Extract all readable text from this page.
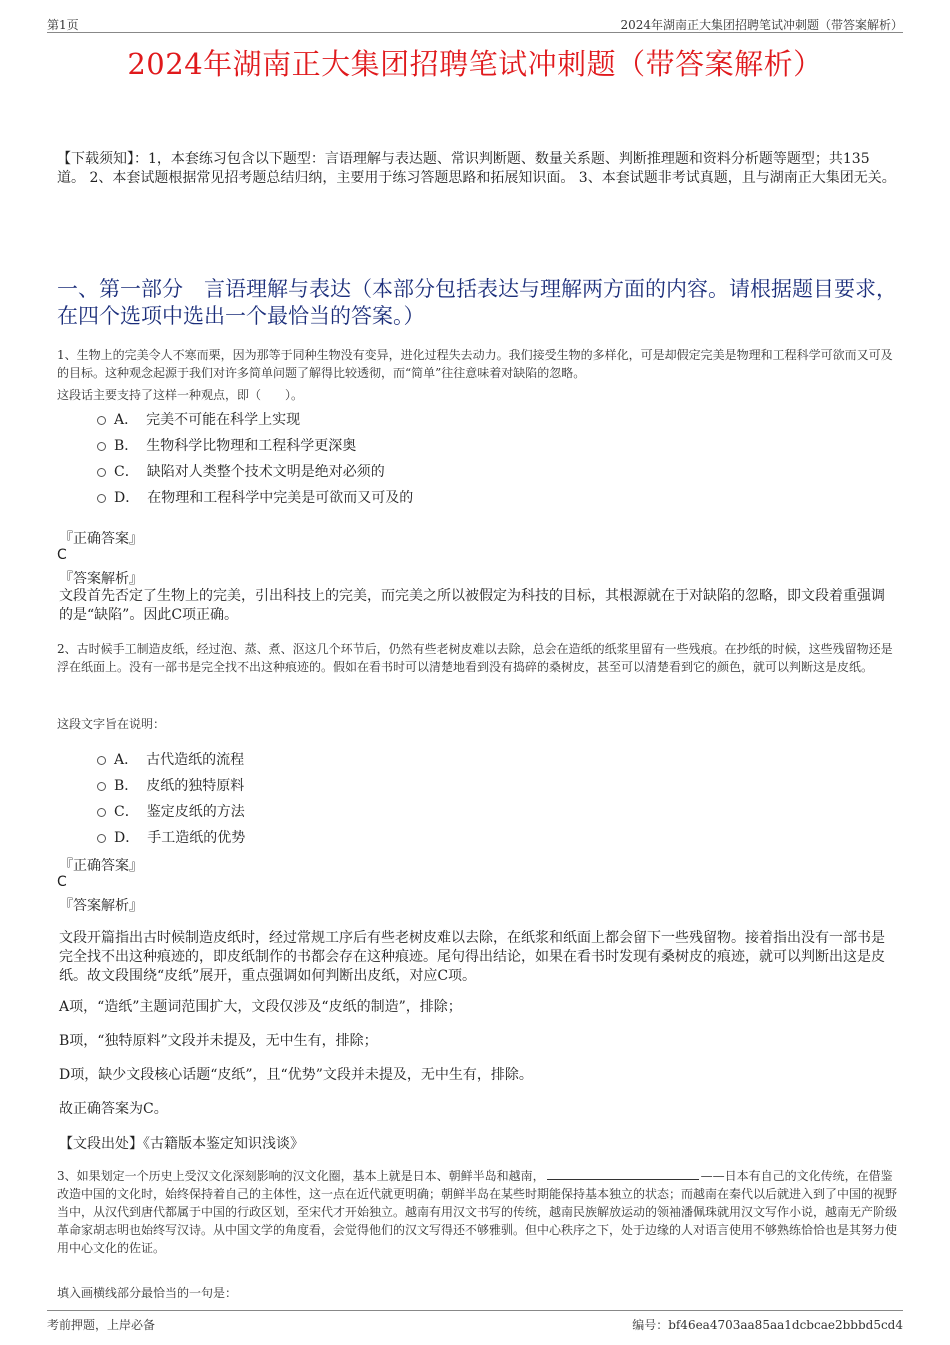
第1页	2024年湖南正大集团招聘笔试冲刺题（带答案解析）
2024年湖南正大集团招聘笔试冲刺题（带答案解析）
【下载须知】：1，本套练习包含以下题型：言语理解与表达题、常识判断题、数量关系题、判断推理题和资料分析题等题型；共135道。 2、本套试题根据常见招考题总结归纳，主要用于练习答题思路和拓展知识面。 3、本套试题非考试真题，且与湖南正大集团无关。
一、第一部分　言语理解与表达（本部分包括表达与理解两方面的内容。请根据题目要求，在四个选项中选出一个最恰当的答案。）
1、生物上的完美令人不寒而栗，因为那等于同种生物没有变异，进化过程失去动力。我们接受生物的多样化，可是却假定完美是物理和工程科学可欲而又可及的目标。这种观念起源于我们对许多简单问题了解得比较透彻，而“简单”往往意味着对缺陷的忽略。
这段话主要支持了这样一种观点，即（　　）。
A． 完美不可能在科学上实现
B． 生物科学比物理和工程科学更深奥
C． 缺陷对人类整个技术文明是绝对必须的
D． 在物理和工程科学中完美是可欲而又可及的
『正确答案』
C
『答案解析』
文段首先否定了生物上的完美，引出科技上的完美，而完美之所以被假定为科技的目标，其根源就在于对缺陷的忽略，即文段着重强调的是“缺陷”。因此C项正确。
2、古时候手工制造皮纸，经过泡、蒸、煮、沤这几个环节后，仍然有些老树皮难以去除，总会在造纸的纸浆里留有一些残痕。在抄纸的时候，这些残留物还是浮在纸面上。没有一部书是完全找不出这种痕迹的。假如在看书时可以清楚地看到没有捣碎的桑树皮，甚至可以清楚看到它的颜色，就可以判断这是皮纸。
这段文字旨在说明：
A． 古代造纸的流程
B． 皮纸的独特原料
C． 鉴定皮纸的方法
D． 手工造纸的优势
『正确答案』
C
『答案解析』
文段开篇指出古时候制造皮纸时，经过常规工序后有些老树皮难以去除，在纸浆和纸面上都会留下一些残留物。接着指出没有一部书是完全找不出这种痕迹的，即皮纸制作的书都会存在这种痕迹。尾句得出结论，如果在看书时发现有桑树皮的痕迹，就可以判断出这是皮纸。故文段围绕“皮纸”展开，重点强调如何判断出皮纸，对应C项。
A项，“造纸”主题词范围扩大，文段仅涉及“皮纸的制造”，排除；
B项，“独特原料”文段并未提及，无中生有，排除；
D项，缺少文段核心话题“皮纸”，且“优势”文段并未提及，无中生有，排除。
故正确答案为C。
【文段出处】《古籍版本鉴定知识浅谈》
3、如果划定一个历史上受汉文化深刻影响的汉文化圈，基本上就是日本、朝鲜半岛和越南，	——日本有自己的文化传统，在借鉴改造中国的文化时，始终保持着自己的主体性，这一点在近代就更明确；朝鲜半岛在某些时期能保持基本独立的状态；而越南在秦代以后就进入到了中国的视野当中，从汉代到唐代都属于中国的行政区划，至宋代才开始独立。越南有用汉文书写的传统，越南民族解放运动的领袖潘佩珠就用汉文写作小说，越南无产阶级革命家胡志明也始终写汉诗。从中国文学的角度看，会觉得他们的汉文写得还不够雅驯。但中心秩序之下，处于边缘的人对语言使用不够熟练恰恰也是其努力使用中心文化的佐证。
填入画横线部分最恰当的一句是：
考前押题，上岸必备	编号：bf46ea4703aa85aa1dcbcae2bbbd5cd4
